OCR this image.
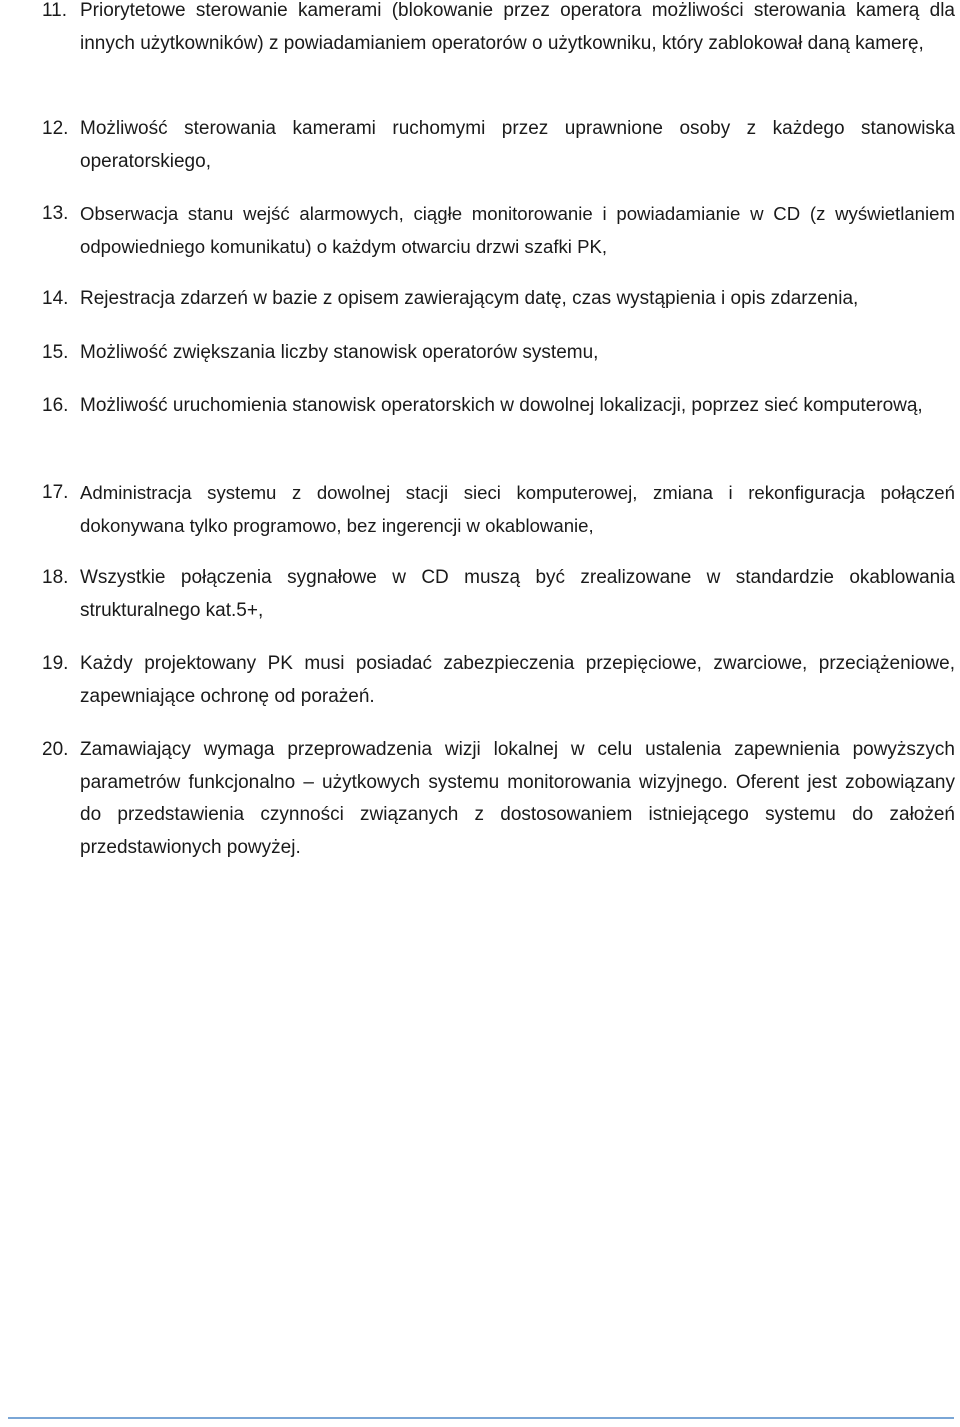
11. Priorytetowe sterowanie kamerami (blokowanie przez operatora możliwości sterowania kamerą dla innych użytkowników) z powiadamianiem operatorów o użytkowniku, który zablokował daną kamerę,
12. Możliwość sterowania kamerami ruchomymi przez uprawnione osoby z każdego stanowiska operatorskiego,
13. Obserwacja stanu wejść alarmowych, ciągłe monitorowanie i powiadamianie w CD (z wyświetlaniem odpowiedniego komunikatu) o każdym otwarciu drzwi szafki PK,
14. Rejestracja zdarzeń w bazie z opisem zawierającym datę, czas wystąpienia i opis zdarzenia,
15. Możliwość zwiększania liczby stanowisk operatorów systemu,
16. Możliwość uruchomienia stanowisk operatorskich w dowolnej lokalizacji, poprzez sieć komputerową,
17. Administracja systemu z dowolnej stacji sieci komputerowej, zmiana i rekonfiguracja połączeń dokonywana tylko programowo, bez ingerencji w okablowanie,
18. Wszystkie połączenia sygnałowe w CD muszą być zrealizowane w standardzie okablowania strukturalnego kat.5+,
19. Każdy projektowany PK musi posiadać zabezpieczenia przepięciowe, zwarciowe, przeciążeniowe, zapewniające ochronę od porażeń.
20. Zamawiający wymaga przeprowadzenia wizji lokalnej w celu ustalenia zapewnienia powyższych parametrów funkcjonalno – użytkowych systemu monitorowania wizyjnego. Oferent jest zobowiązany do przedstawienia czynności związanych z dostosowaniem istniejącego systemu do założeń przedstawionych powyżej.
